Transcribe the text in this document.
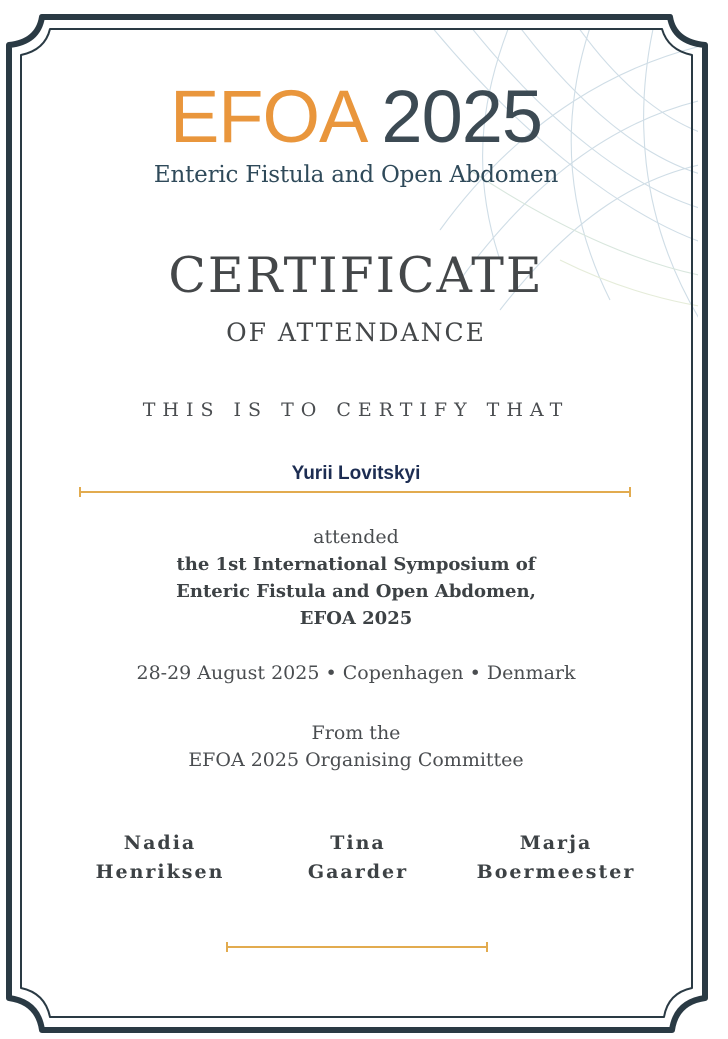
EFOA 2025
Enteric Fistula and Open Abdomen
CERTIFICATE
OF ATTENDANCE
THIS IS TO CERTIFY THAT
Yurii Lovitskyi
attended
the 1st International Symposium of
Enteric Fistula and Open Abdomen,
EFOA 2025
28-29 August 2025 • Copenhagen • Denmark
From the
EFOA 2025 Organising Committee
Nadia
Henriksen
Tina
Gaarder
Marja
Boermeester
